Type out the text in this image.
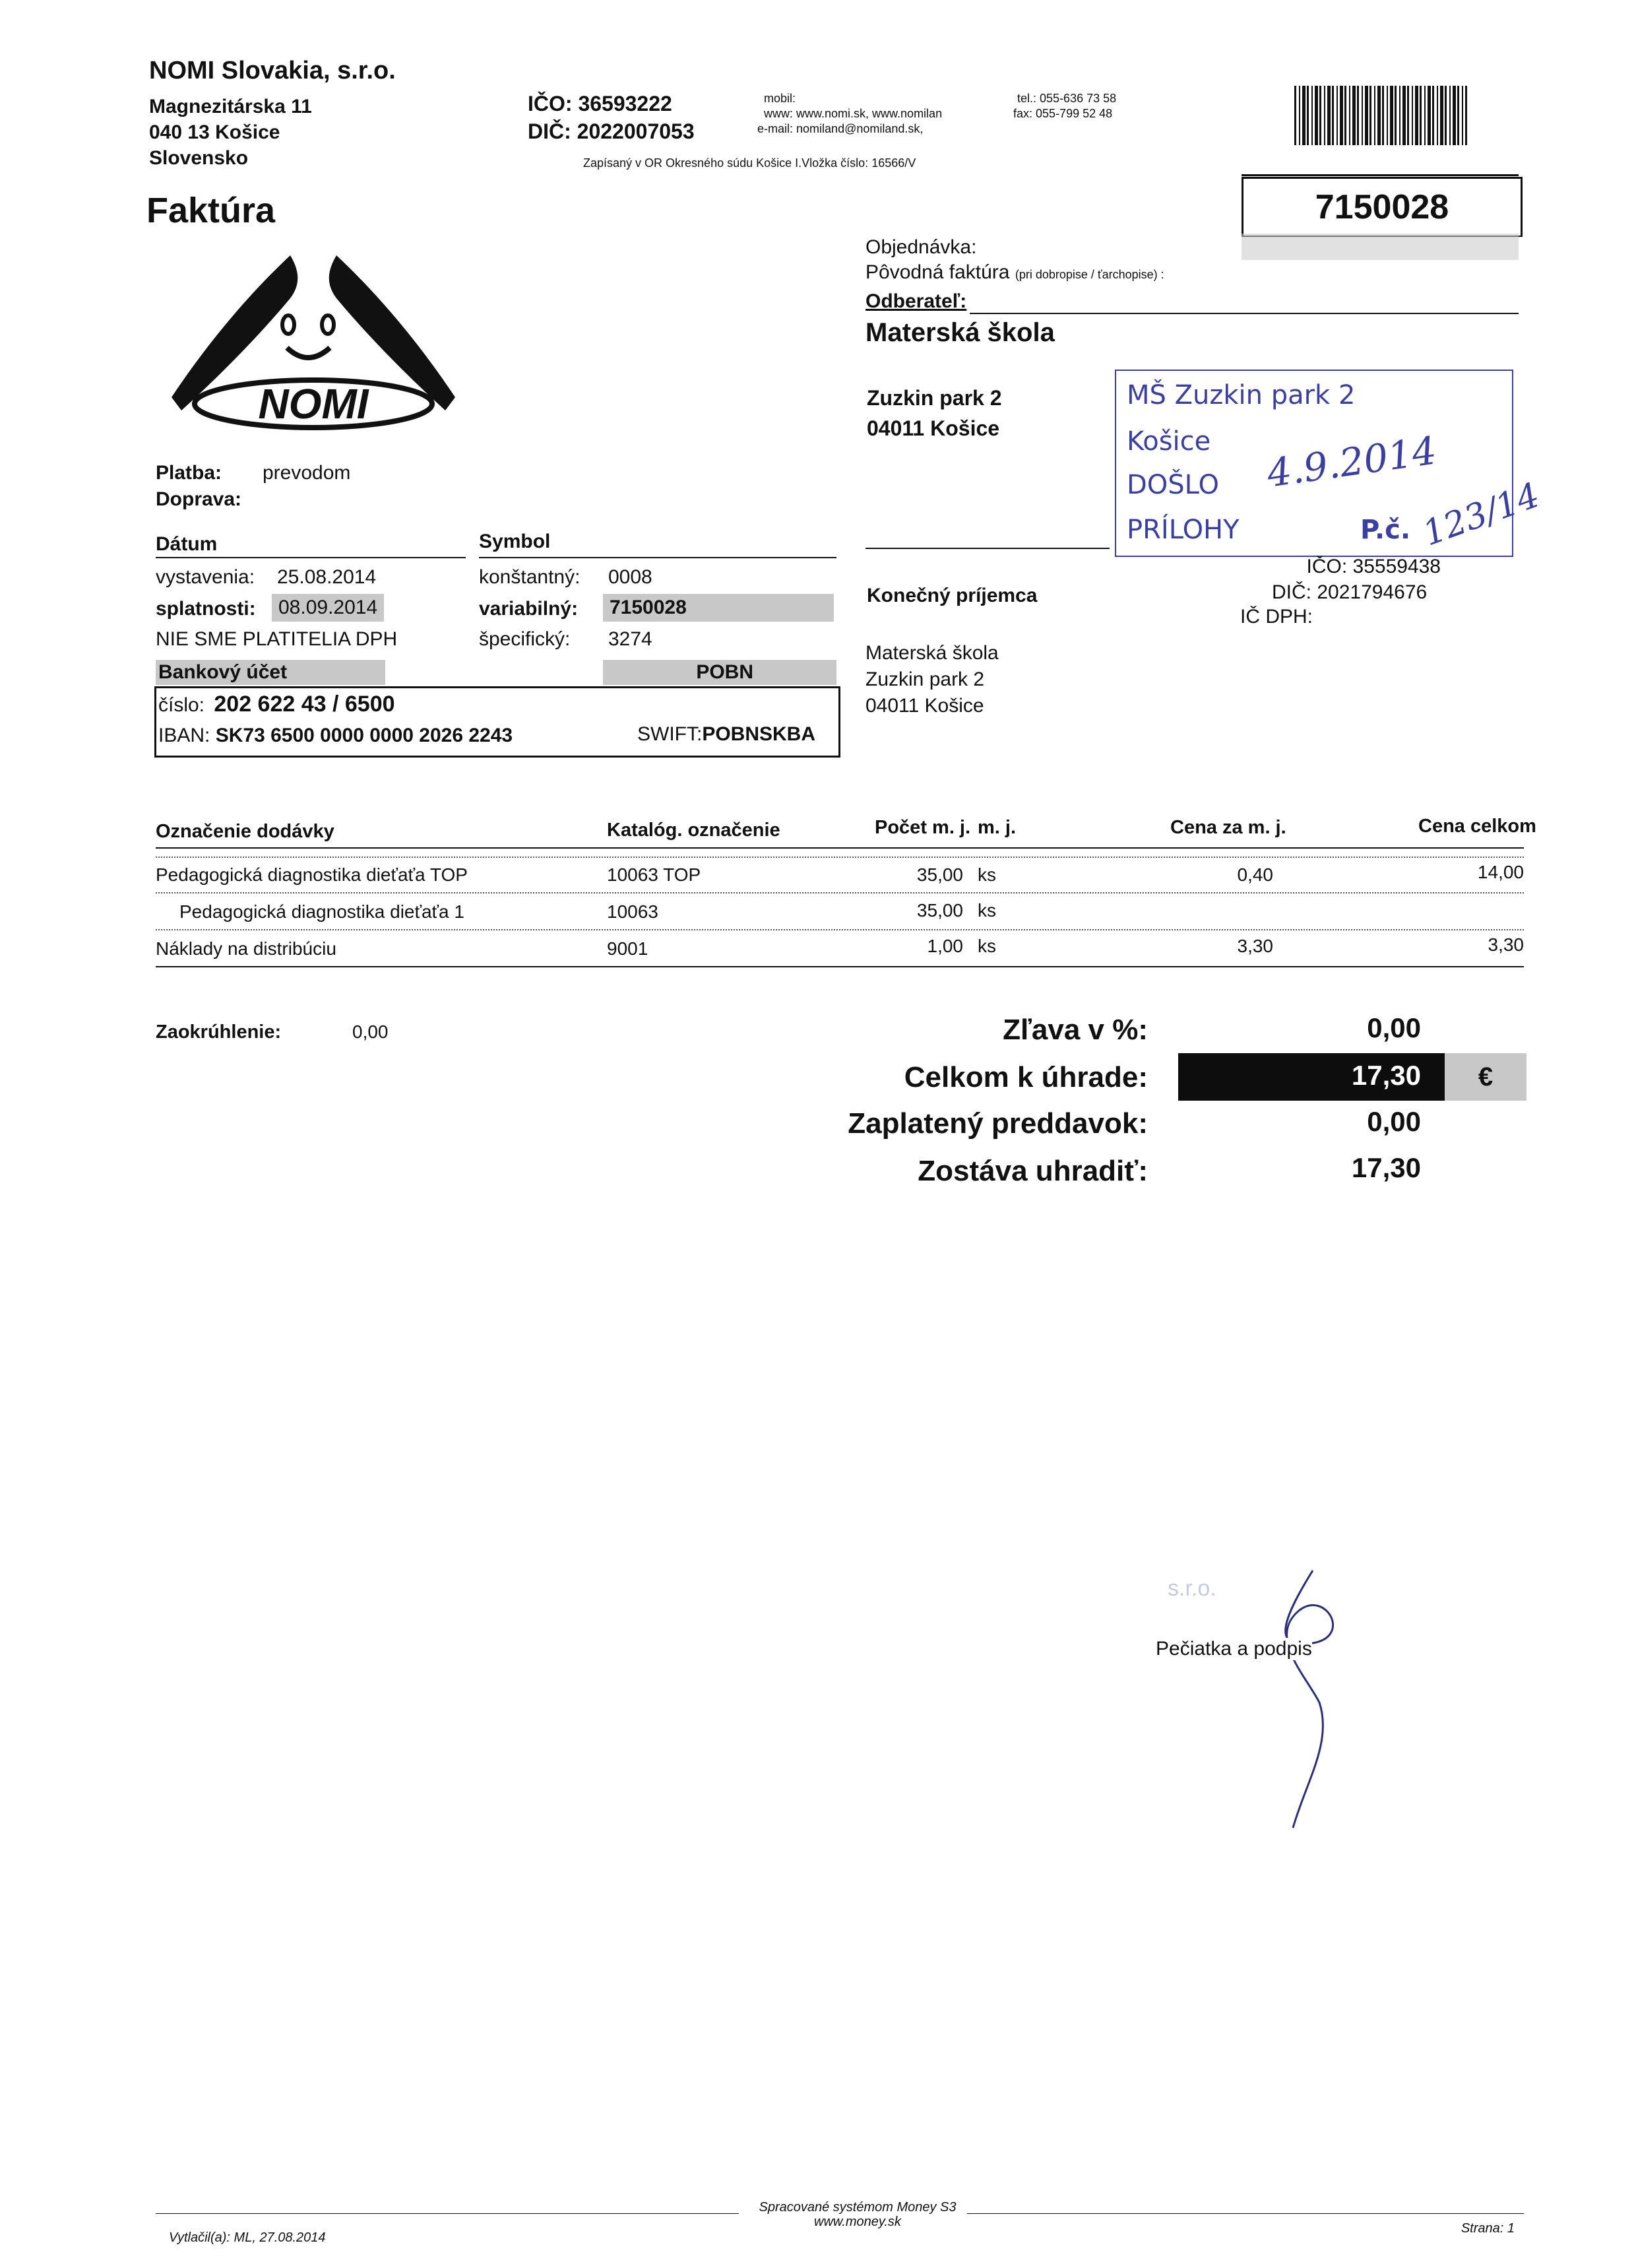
NOMI Slovakia, s.r.o.
Magnezitárska 11
040 13 Košice
Slovensko
IČO: 36593222
DIČ: 2022007053
mobil:
www: www.nomi.sk, www.nomilan
e-mail: nomiland@nomiland.sk,
tel.: 055-636 73 58
fax: 055-799 52 48
Zapísaný v OR Okresného súdu Košice I.Vložka číslo: 16566/V
7150028
Faktúra
NOMI
Platba: prevodom
Doprava:
Objednávka:
Pôvodná faktúra (pri dobropise / ťarchopise) :
Odberateľ:
Materská škola
Zuzkin park 2
04011 Košice
MŠ Zuzkin park 2
Košice
DOŠLO
PRÍLOHY	P.č.
4.9.2014
123/14
IČO: 35559438
DIČ: 2021794676
IČ DPH:
Konečný príjemca
Materská škola
Zuzkin park 2
04011 Košice
Dátum	Symbol
vystavenia: 25.08.2014
splatnosti:	08.09.2014
NIE SME PLATITELIA DPH
konštantný: 0008
variabilný:	7150028
špecifický: 3274
Bankový účet	POBN
číslo: 202 622 43 / 6500
IBAN: SK73 6500 0000 0000 2026 2243	SWIFT:POBNSKBA
Označenie dodávky	Katalóg. označenie	Počet m. j. m. j.	Cena za m. j.	Cena celkom
Pedagogická diagnostika dieťaťa TOP	10063 TOP	35,00 ks	0,40	14,00
Pedagogická diagnostika dieťaťa 1	10063	35,00 ks
Náklady na distribúciu	9001	1,00 ks	3,30	3,30
Zaokrúhlenie:	0,00	Zľava v %:	0,00
Celkom k úhrade:	17,30	€
Zaplatený preddavok:	0,00
Zostáva uhradiť:	17,30
s.r.o.
Pečiatka a podpis
Vytlačil(a): ML, 27.08.2014
Spracované systémom Money S3
www.money.sk	Strana: 1
